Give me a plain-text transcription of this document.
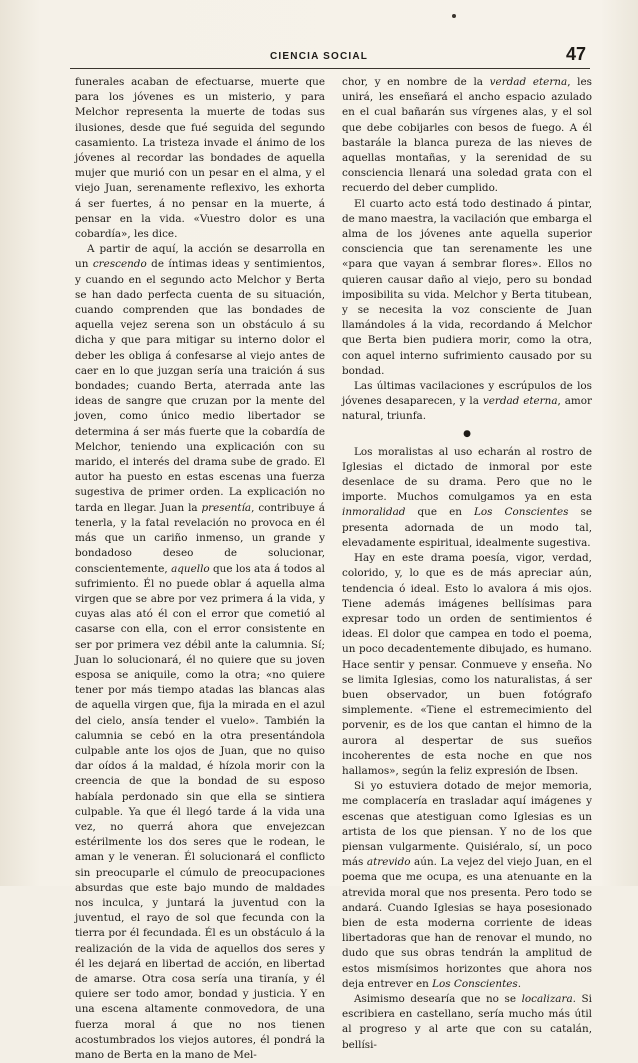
CIENCIA SOCIAL	47

funerales acaban de efectuarse, muerte que para los jóvenes es un misterio, y para Melchor representa la muerte de todas sus ilusiones, desde que fué seguida del segundo casamiento. La tristeza invade el ánimo de los jóvenes al recordar las bondades de aquella mujer que murió con un pesar en el alma, y el viejo Juan, serenamente reflexivo, les exhorta á ser fuertes, á no pensar en la muerte, á pensar en la vida. «Vuestro dolor es una cobardía», les dice.

A partir de aquí, la acción se desarrolla en un crescendo de íntimas ideas y sentimientos, y cuando en el segundo acto Melchor y Berta se han dado perfecta cuenta de su situación, cuando comprenden que las bondades de aquella vejez serena son un obstáculo á su dicha y que para mitigar su interno dolor el deber les obliga á confesarse al viejo antes de caer en lo que juzgan sería una traición á sus bondades; cuando Berta, aterrada ante las ideas de sangre que cruzan por la mente del joven, como único medio libertador se determina á ser más fuerte que la cobardía de Melchor, teniendo una explicación con su marido, el interés del drama sube de grado. El autor ha puesto en estas escenas una fuerza sugestiva de primer orden. La explicación no tarda en llegar. Juan la presentía, contribuye á tenerla, y la fatal revelación no provoca en él más que un cariño inmenso, un grande y bondadoso deseo de solucionar, conscientemente, aquello que los ata á todos al sufrimiento. Él no puede oblar á aquella alma virgen que se abre por vez primera á la vida, y cuyas alas ató él con el error que cometió al casarse con ella, con el error consistente en ser por primera vez débil ante la calumnia. Sí; Juan lo solucionará, él no quiere que su joven esposa se aniquile, como la otra; «no quiere tener por más tiempo atadas las blancas alas de aquella virgen que, fija la mirada en el azul del cielo, ansía tender el vuelo». También la calumnia se cebó en la otra presentándola culpable ante los ojos de Juan, que no quiso dar oídos á la maldad, é hízola morir con la creencia de que la bondad de su esposo habíala perdonado sin que ella se sintiera culpable. Ya que él llegó tarde á la vida una vez, no querrá ahora que envejezcan estérilmente los dos seres que le rodean, le aman y le veneran. Él solucionará el conflicto sin preocuparle el cúmulo de preocupaciones absurdas que este bajo mundo de maldades nos inculca, y juntará la juventud con la juventud, el rayo de sol que fecunda con la tierra por él fecundada. Él es un obstáculo á la realización de la vida de aquellos dos seres y él les dejará en libertad de acción, en libertad de amarse. Otra cosa sería una tiranía, y él quiere ser todo amor, bondad y justicia. Y en una escena altamente conmovedora, de una fuerza moral á que no nos tienen acostumbrados los viejos autores, él pondrá la mano de Berta en la mano de Mel-

chor, y en nombre de la verdad eterna, les unirá, les enseñará el ancho espacio azulado en el cual bañarán sus vírgenes alas, y el sol que debe cobijarles con besos de fuego. A él bastarále la blanca pureza de las nieves de aquellas montañas, y la serenidad de su consciencia llenará una soledad grata con el recuerdo del deber cumplido.

El cuarto acto está todo destinado á pintar, de mano maestra, la vacilación que embarga el alma de los jóvenes ante aquella superior consciencia que tan serenamente les une «para que vayan á sembrar flores». Ellos no quieren causar daño al viejo, pero su bondad imposibilita su vida. Melchor y Berta titubean, y se necesita la voz consciente de Juan llamándoles á la vida, recordando á Melchor que Berta bien pudiera morir, como la otra, con aquel interno sufrimiento causado por su bondad.

Las últimas vacilaciones y escrúpulos de los jóvenes desaparecen, y la verdad eterna, amor natural, triunfa.

●

Los moralistas al uso echarán al rostro de Iglesias el dictado de inmoral por este desenlace de su drama. Pero que no le importe. Muchos comulgamos ya en esta inmoralidad que en Los Conscientes se presenta adornada de un modo tal, elevadamente espiritual, idealmente sugestiva.

Hay en este drama poesía, vigor, verdad, colorido, y, lo que es de más apreciar aún, tendencia ó ideal. Esto lo avalora á mis ojos. Tiene además imágenes bellísimas para expresar todo un orden de sentimientos é ideas. El dolor que campea en todo el poema, un poco decadentemente dibujado, es humano. Hace sentir y pensar. Conmueve y enseña. No se limita Iglesias, como los naturalistas, á ser buen observador, un buen fotógrafo simplemente. «Tiene el estremecimiento del porvenir, es de los que cantan el himno de la aurora al despertar de sus sueños incoherentes de esta noche en que nos hallamos», según la feliz expresión de Ibsen.

Si yo estuviera dotado de mejor memoria, me complacería en trasladar aquí imágenes y escenas que atestiguan como Iglesias es un artista de los que piensan. Y no de los que piensan vulgarmente. Quisiéralo, sí, un poco más atrevido aún. La vejez del viejo Juan, en el poema que me ocupa, es una atenuante en la atrevida moral que nos presenta. Pero todo se andará. Cuando Iglesias se haya posesionado bien de esta moderna corriente de ideas libertadoras que han de renovar el mundo, no dudo que sus obras tendrán la amplitud de estos mismísimos horizontes que ahora nos deja entrever en Los Conscientes.

Asimismo desearía que no se localizara. Si escribiera en castellano, sería mucho más útil al progreso y al arte que con su catalán, bellísi-
